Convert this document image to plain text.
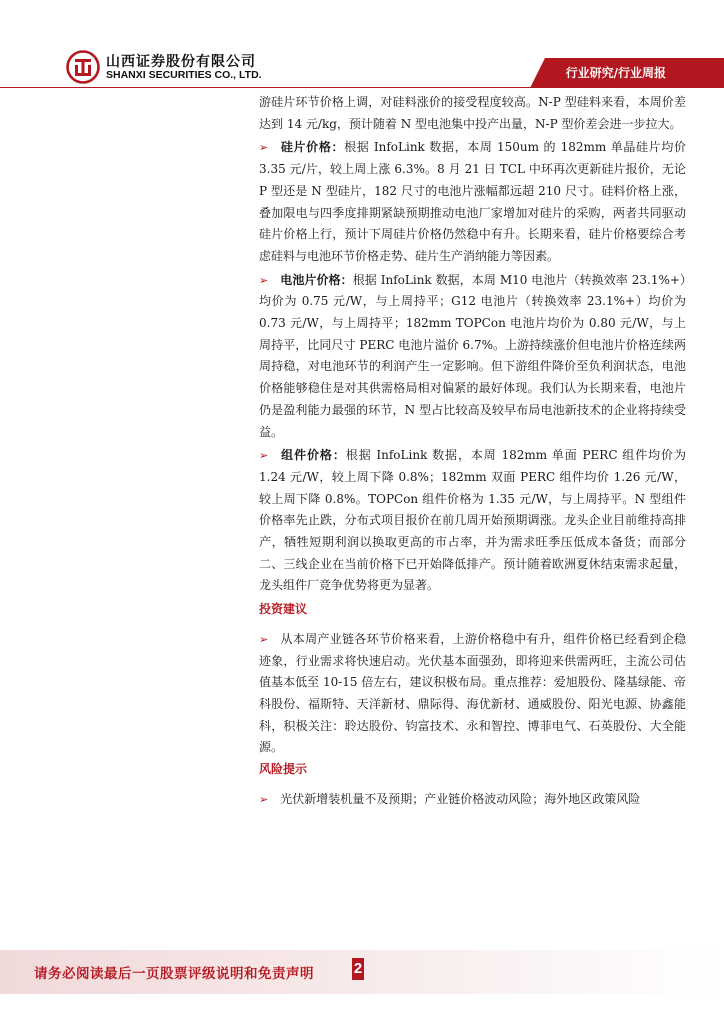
山西证券股份有限公司
SHANXI SECURITIES CO., LTD.	行业研究/行业周报

游硅片环节价格上调，对硅料涨价的接受程度较高。N-P 型硅料来看，本周价差达到 14 元/kg，预计随着 N 型电池集中投产出量，N-P 型价差会进一步拉大。

➢ 硅片价格：根据 InfoLink 数据，本周 150um 的 182mm 单晶硅片均价 3.35 元/片，较上周上涨 6.3%。8 月 21 日 TCL 中环再次更新硅片报价，无论 P 型还是 N 型硅片，182 尺寸的电池片涨幅都远超 210 尺寸。硅料价格上涨，叠加限电与四季度排期紧缺预期推动电池厂家增加对硅片的采购，两者共同驱动硅片价格上行，预计下周硅片价格仍然稳中有升。长期来看，硅片价格要综合考虑硅料与电池环节价格走势、硅片生产消纳能力等因素。

➢ 电池片价格：根据 InfoLink 数据，本周 M10 电池片（转换效率 23.1%+）均价为 0.75 元/W，与上周持平；G12 电池片（转换效率 23.1%+）均价为 0.73 元/W，与上周持平；182mm TOPCon 电池片均价为 0.80 元/W，与上周持平，比同尺寸 PERC 电池片溢价 6.7%。上游持续涨价但电池片价格连续两周持稳，对电池环节的利润产生一定影响。但下游组件降价至负利润状态，电池价格能够稳住是对其供需格局相对偏紧的最好体现。我们认为长期来看，电池片仍是盈利能力最强的环节，N 型占比较高及较早布局电池新技术的企业将持续受益。

➢ 组件价格：根据 InfoLink 数据，本周 182mm 单面 PERC 组件均价为 1.24 元/W，较上周下降 0.8%；182mm 双面 PERC 组件均价 1.26 元/W，较上周下降 0.8%。TOPCon 组件价格为 1.35 元/W，与上周持平。N 型组件价格率先止跌，分布式项目报价在前几周开始预期调涨。龙头企业目前维持高排产，牺牲短期利润以换取更高的市占率，并为需求旺季压低成本备货；而部分二、三线企业在当前价格下已开始降低排产。预计随着欧洲夏休结束需求起量，龙头组件厂竞争优势将更为显著。

投资建议

➢ 从本周产业链各环节价格来看，上游价格稳中有升，组件价格已经看到企稳迹象，行业需求将快速启动。光伏基本面强劲，即将迎来供需两旺，主流公司估值基本低至 10-15 倍左右，建议积极布局。重点推荐：爱旭股份、隆基绿能、帝科股份、福斯特、天洋新材、鼎际得、海优新材、通威股份、阳光电源、协鑫能科，积极关注：聆达股份、钧富技术、永和智控、博菲电气、石英股份、大全能源。

风险提示

➢ 光伏新增装机量不及预期；产业链价格波动风险；海外地区政策风险

请务必阅读最后一页股票评级说明和免责声明	2
